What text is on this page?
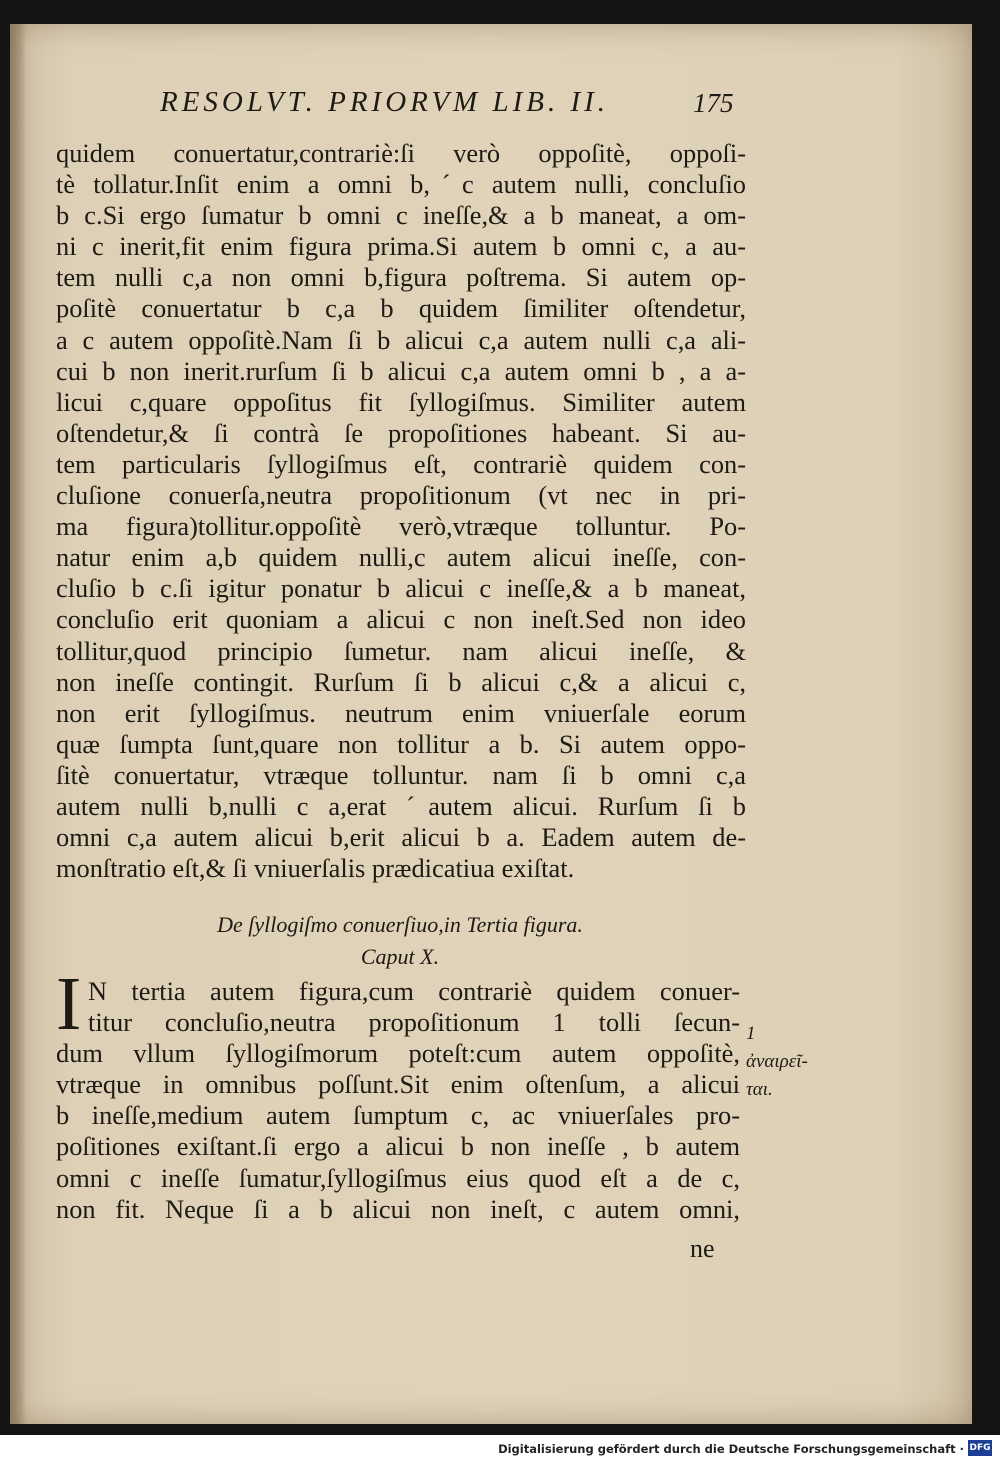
RESOLVT. PRIORVM LIB. II.	175
quidem conuertatur,contrariè:ſi verò oppoſitè, oppoſi-
tè tollatur.Inſit enim a omni b,ˊc autem nulli, concluſio
b c.Si ergo ſumatur b omni c ineſſe,& a b maneat, a om-
ni c inerit,fit enim figura prima.Si autem b omni c, a au-
tem nulli c,a non omni b,figura poſtrema. Si autem op-
poſitè conuertatur b c,a b quidem ſimiliter oſtendetur,
a c autem oppoſitè.Nam ſi b alicui c,a autem nulli c,a ali-
cui b non inerit.rurſum ſi b alicui c,a autem omni b , a a-
licui c,quare oppoſitus fit ſyllogiſmus. Similiter autem
oſtendetur,& ſi contrà ſe propoſitiones habeant. Si au-
tem particularis ſyllogiſmus eſt, contrariè quidem con-
cluſione conuerſa,neutra propoſitionum (vt nec in pri-
ma figura)tollitur.oppoſitè verò,vtræque tolluntur. Po-
natur enim a,b quidem nulli,c autem alicui ineſſe, con-
cluſio b c.ſi igitur ponatur b alicui c ineſſe,& a b maneat,
concluſio erit quoniam a alicui c non ineſt.Sed non ideo
tollitur,quod principio ſumetur. nam alicui ineſſe, &
non ineſſe contingit. Rurſum ſi b alicui c,& a alicui c,
non erit ſyllogiſmus. neutrum enim vniuerſale eorum
quæ ſumpta ſunt,quare non tollitur a b. Si autem oppo-
ſitè conuertatur, vtræque tolluntur. nam ſi b omni c,a
autem nulli b,nulli c a,erat ˊautem alicui. Rurſum ſi b
omni c,a autem alicui b,erit alicui b a. Eadem autem de-
monſtratio eſt,& ſi vniuerſalis prædicatiua exiſtat.
De ſyllogiſmo conuerſiuo,in Tertia figura.
Caput X.
I N tertia autem figura,cum contrariè quidem conuer-
titur concluſio,neutra propoſitionum 1 tolli ſecun-
dum vllum ſyllogiſmorum poteſt:cum autem oppoſitè,
vtræque in omnibus poſſunt.Sit enim oſtenſum, a alicui
b ineſſe,medium autem ſumptum c, ac vniuerſales pro-
poſitiones exiſtant.ſi ergo a alicui b non ineſſe , b autem
omni c ineſſe ſumatur,ſyllogiſmus eius quod eſt a de c,
non fit. Neque ſi a b alicui non ineſt, c autem omni,
ne
1 ἀναιρεῖ- ται.
Digitalisierung gefördert durch die Deutsche Forschungsgemeinschaft · DFG
